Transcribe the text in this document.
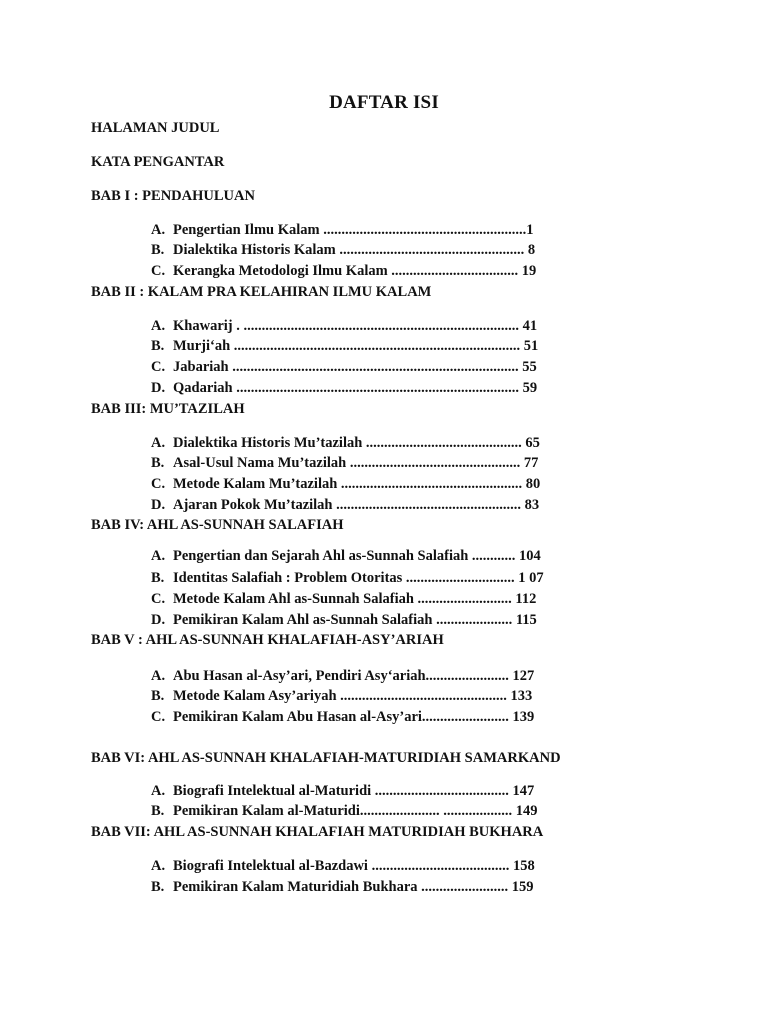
DAFTAR ISI
HALAMAN JUDUL
KATA PENGANTAR
BAB I : PENDAHULUAN
A. Pengertian Ilmu Kalam ........................................................1
B. Dialektika Historis Kalam ................................................... 8
C. Kerangka Metodologi Ilmu Kalam ................................... 19
BAB II : KALAM PRA KELAHIRAN ILMU KALAM
A. Khawarij . ............................................................................ 41
B. Murji‘ah ............................................................................... 51
C. Jabariah ............................................................................... 55
D. Qadariah .............................................................................. 59
BAB III: MU’TAZILAH
A. Dialektika Historis Mu’tazilah ........................................... 65
B. Asal-Usul Nama Mu’tazilah ............................................... 77
C. Metode Kalam Mu’tazilah .................................................. 80
D. Ajaran Pokok Mu’tazilah ................................................... 83
BAB IV: AHL AS-SUNNAH SALAFIAH
A. Pengertian dan Sejarah Ahl as-Sunnah Salafiah ............ 104
B. Identitas Salafiah : Problem Otoritas .............................. 1 07
C. Metode Kalam Ahl as-Sunnah Salafiah .......................... 112
D. Pemikiran Kalam Ahl as-Sunnah Salafiah ..................... 115
BAB V : AHL AS-SUNNAH KHALAFIAH-ASY’ARIAH
A. Abu Hasan al-Asy’ari, Pendiri Asy‘ariah....................... 127
B. Metode Kalam Asy’ariyah .............................................. 133
C. Pemikiran Kalam Abu Hasan al-Asy’ari........................ 139
BAB VI: AHL AS-SUNNAH KHALAFIAH-MATURIDIAH SAMARKAND
A. Biografi Intelektual al-Maturidi ..................................... 147
B. Pemikiran Kalam al-Maturidi...................... ................... 149
BAB VII: AHL AS-SUNNAH KHALAFIAH MATURIDIAH BUKHARA
A. Biografi Intelektual al-Bazdawi ...................................... 158
B. Pemikiran Kalam Maturidiah Bukhara ........................ 159
